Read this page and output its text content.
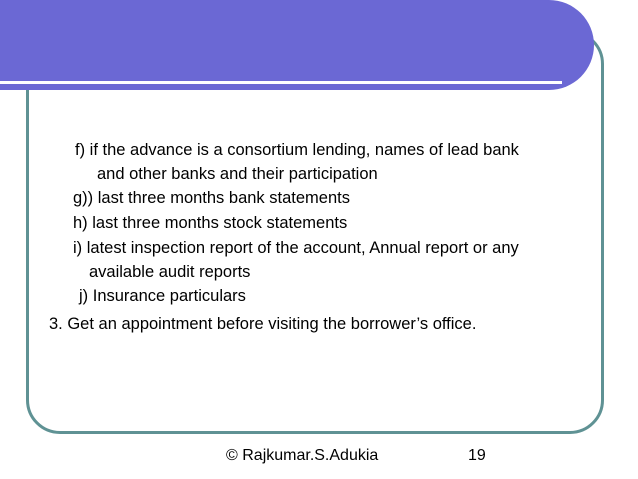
f) if the advance is a consortium lending, names of lead bank
and other banks and their participation
g)) last three months bank statements
h) last three months stock statements
i) latest inspection report of the account, Annual report or any
available audit reports
j) Insurance particulars
3. Get an appointment before visiting the borrower’s office.
© Rajkumar.S.Adukia	19
